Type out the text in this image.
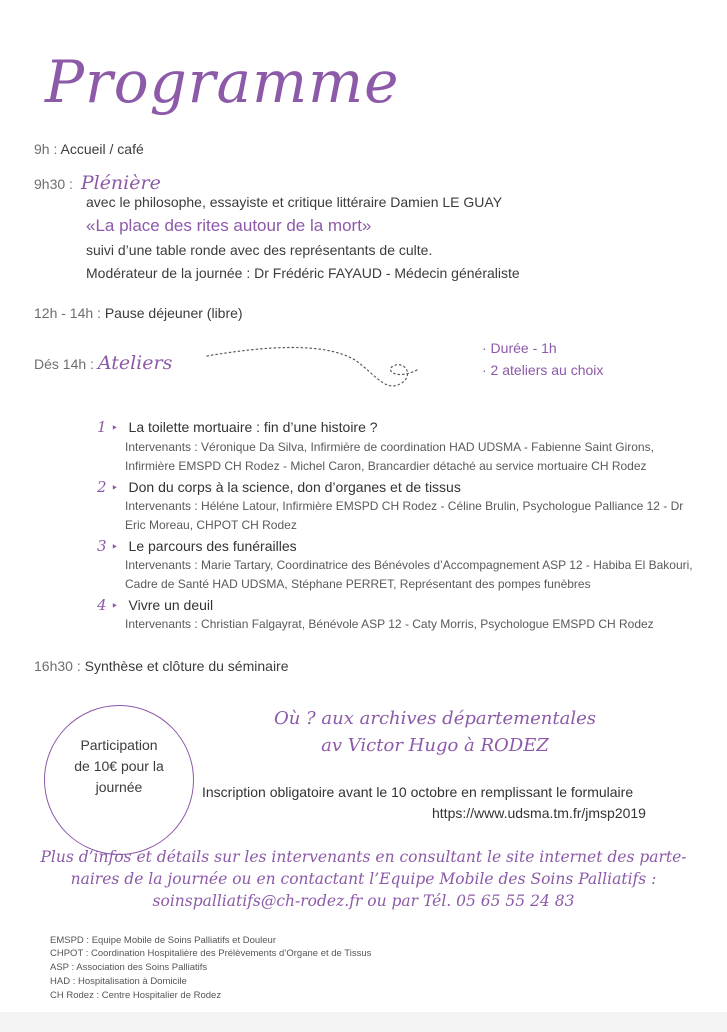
Programme
9h : Accueil / café
9h30 : Plénière
avec le philosophe, essayiste et critique littéraire Damien LE GUAY
«La place des rites autour de la mort»
suivi d’une table ronde avec des représentants de culte.
Modérateur de la journée : Dr Frédéric FAYAUD - Médecin généraliste
12h - 14h : Pause déjeuner (libre)
Dés 14h : Ateliers
· Durée - 1h
· 2 ateliers au choix
1 ‣ La toilette mortuaire : fin d’une histoire ?
Intervenants : Véronique Da Silva, Infirmière de coordination HAD UDSMA - Fabienne Saint Girons, Infirmière EMSPD CH Rodez - Michel Caron, Brancardier détaché au service mortuaire CH Rodez
2 ‣ Don du corps à la science, don d’organes et de tissus
Intervenants : Héléne Latour, Infirmière EMSPD CH Rodez - Céline Brulin, Psychologue Palliance 12 - Dr Eric Moreau, CHPOT CH Rodez
3 ‣ Le parcours des funérailles
Intervenants : Marie Tartary, Coordinatrice des Bénévoles d’Accompagnement ASP 12 - Habiba El Bakouri, Cadre de Santé HAD UDSMA, Stéphane PERRET, Représentant des pompes funèbres
4 ‣ Vivre un deuil
Intervenants : Christian Falgayrat, Bénévole ASP 12 - Caty Morris, Psychologue EMSPD CH Rodez
16h30 : Synthèse et clôture du séminaire
Participation
de 10€ pour la
journée
Où ? aux archives départementales
av Victor Hugo à RODEZ
Inscription obligatoire avant le 10 octobre en remplissant le formulaire
https://www.udsma.tm.fr/jmsp2019
Plus d’infos et détails sur les intervenants en consultant le site internet des parte-
naires de la journée ou en contactant l’Equipe Mobile des Soins Palliatifs :
soinspalliatifs@ch-rodez.fr ou par Tél. 05 65 55 24 83
EMSPD : Equipe Mobile de Soins Palliatifs et Douleur
CHPOT : Coordination Hospitalière des Prélèvements d’Organe et de Tissus
ASP : Association des Soins Palliatifs
HAD : Hospitalisation à Domicile
CH Rodez : Centre Hospitalier de Rodez
